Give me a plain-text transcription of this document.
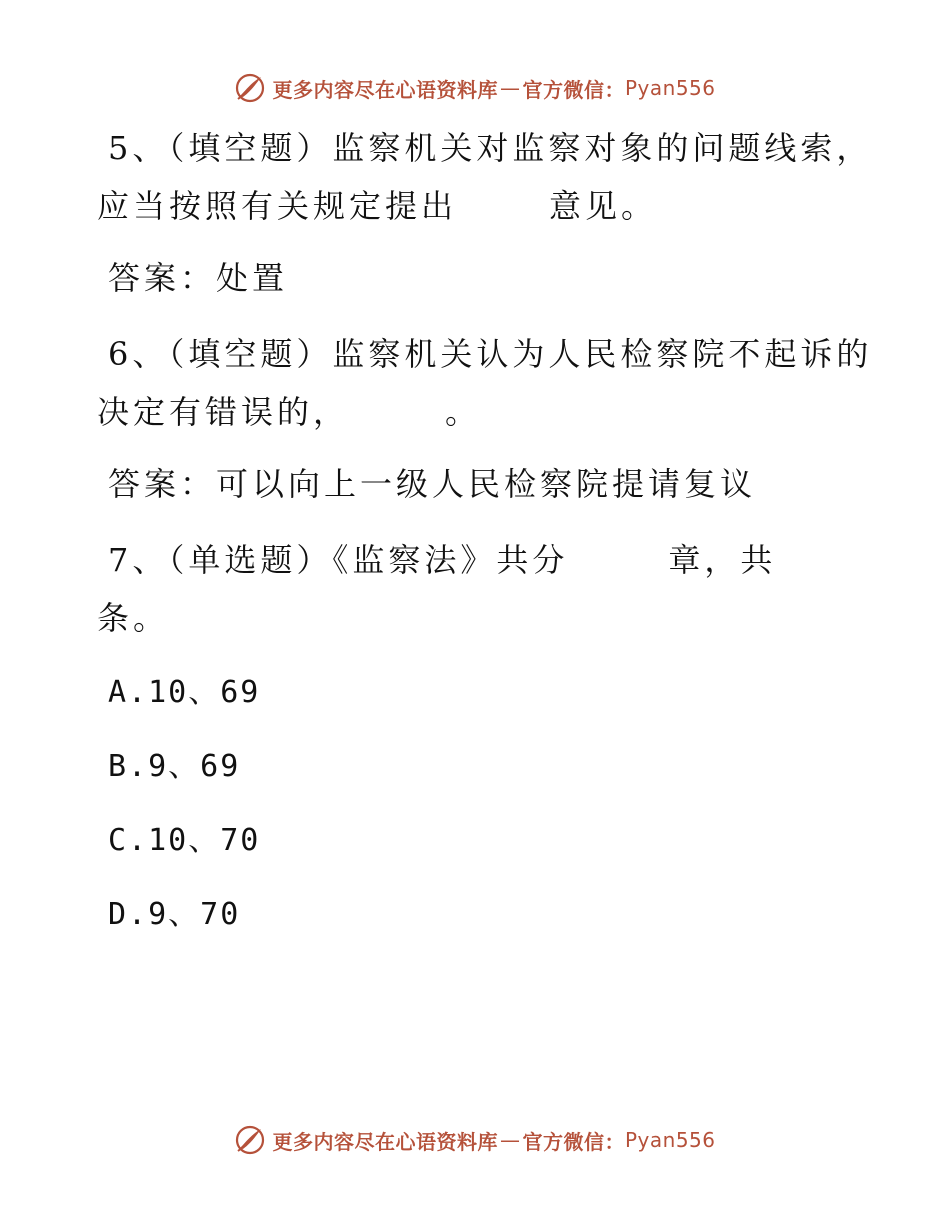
更多内容尽在心语资料库 — 官方微信： Pyan556
5、（填空题）监察机关对监察对象的问题线索，
应当按照有关规定提出	意见。
答案：处置
6、（填空题）监察机关认为人民检察院不起诉的
决定有错误的，	。
答案：可以向上一级人民检察院提请复议
7、（单选题）《监察法》共分	章，共
条。
A.10、69
B.9、69
C.10、70
D.9、70
更多内容尽在心语资料库 — 官方微信： Pyan556
